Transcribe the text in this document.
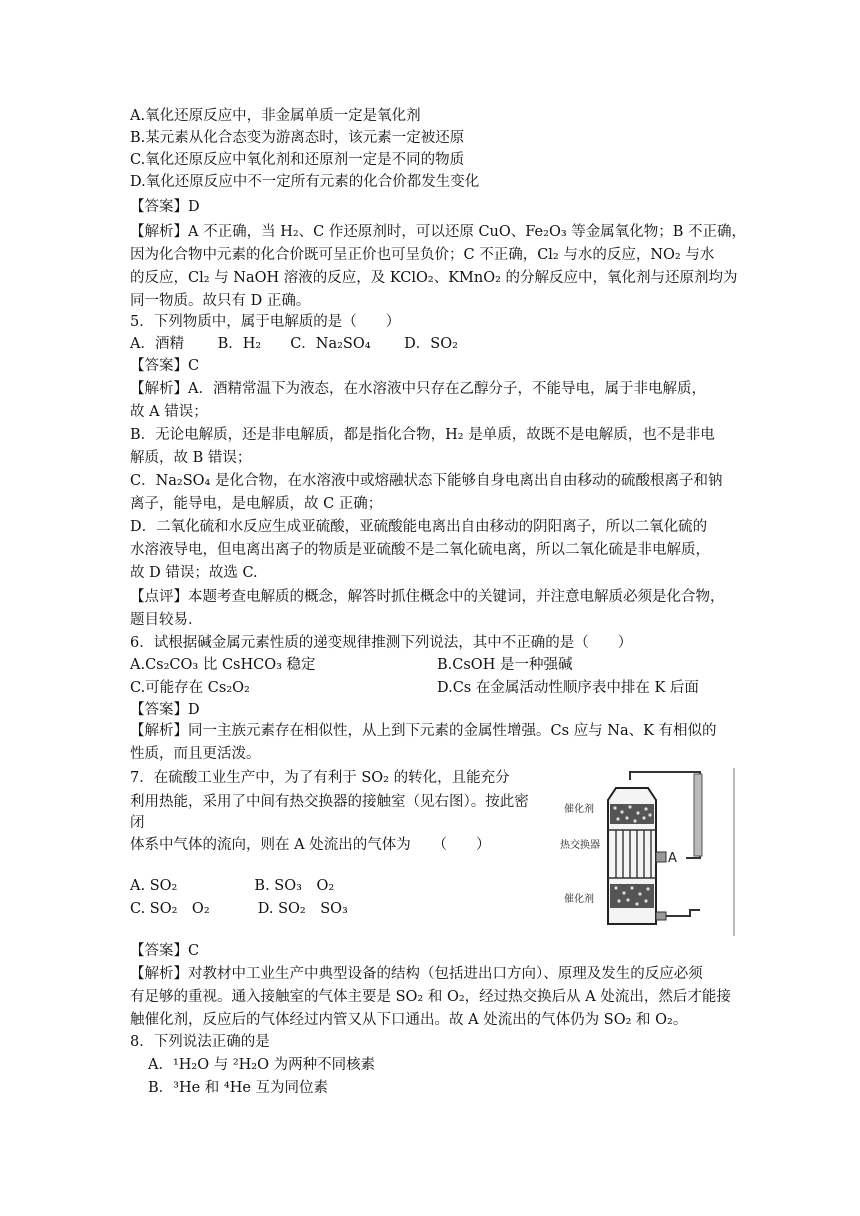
A.氧化还原反应中，非金属单质一定是氧化剂
B.某元素从化合态变为游离态时，该元素一定被还原
C.氧化还原反应中氧化剂和还原剂一定是不同的物质
D.氧化还原反应中不一定所有元素的化合价都发生变化
【答案】D
【解析】A 不正确，当 H₂、C 作还原剂时，可以还原 CuO、Fe₂O₃ 等金属氧化物；B 不正确，
因为化合物中元素的化合价既可呈正价也可呈负价；C 不正确，Cl₂ 与水的反应，NO₂ 与水
的反应，Cl₂ 与 NaOH 溶液的反应，及 KClO₂、KMnO₂ 的分解反应中，氧化剂与还原剂均为
同一物质。故只有 D 正确。
5．下列物质中，属于电解质的是（　　）
A．酒精　　 B．H₂　　C．Na₂SO₄　　 D．SO₂
【答案】C
【解析】A．酒精常温下为液态，在水溶液中只存在乙醇分子，不能导电，属于非电解质，
故 A 错误；
B．无论电解质，还是非电解质，都是指化合物，H₂ 是单质，故既不是电解质，也不是非电
解质，故 B 错误；
C．Na₂SO₄ 是化合物，在水溶液中或熔融状态下能够自身电离出自由移动的硫酸根离子和钠
离子，能导电，是电解质，故 C 正确；
D．二氧化硫和水反应生成亚硫酸，亚硫酸能电离出自由移动的阴阳离子，所以二氧化硫的
水溶液导电，但电离出离子的物质是亚硫酸不是二氧化硫电离，所以二氧化硫是非电解质，
故 D 错误；故选 C.
【点评】本题考查电解质的概念，解答时抓住概念中的关键词，并注意电解质必须是化合物，
题目较易．
6．试根据碱金属元素性质的递变规律推测下列说法，其中不正确的是（　　）
A.Cs₂CO₃ 比 CsHCO₃ 稳定	B.CsOH 是一种强碱
C.可能存在 Cs₂O₂	D.Cs 在金属活动性顺序表中排在 K 后面
【答案】D
【解析】同一主族元素存在相似性，从上到下元素的金属性增强。Cs 应与 Na、K 有相似的
性质，而且更活泼。
7．在硫酸工业生产中，为了有利于 SO₂ 的转化，且能充分
利用热能，采用了中间有热交换器的接触室（见右图）。按此密
闭
体系中气体的流向，则在 A 处流出的气体为　　（　　）
A. SO₂　　　　　 B. SO₃　O₂
C. SO₂　O₂　　　 D. SO₂　SO₃
催化剂
热交换器
催化剂
A
【答案】C
【解析】对教材中工业生产中典型设备的结构（包括进出口方向）、原理及发生的反应必须
有足够的重视。通入接触室的气体主要是 SO₂ 和 O₂，经过热交换后从 A 处流出，然后才能接
触催化剂，反应后的气体经过内管又从下口通出。故 A 处流出的气体仍为 SO₂ 和 O₂。
8．下列说法正确的是
A．¹H₂O 与 ²H₂O 为两种不同核素
B．³He 和 ⁴He 互为同位素
